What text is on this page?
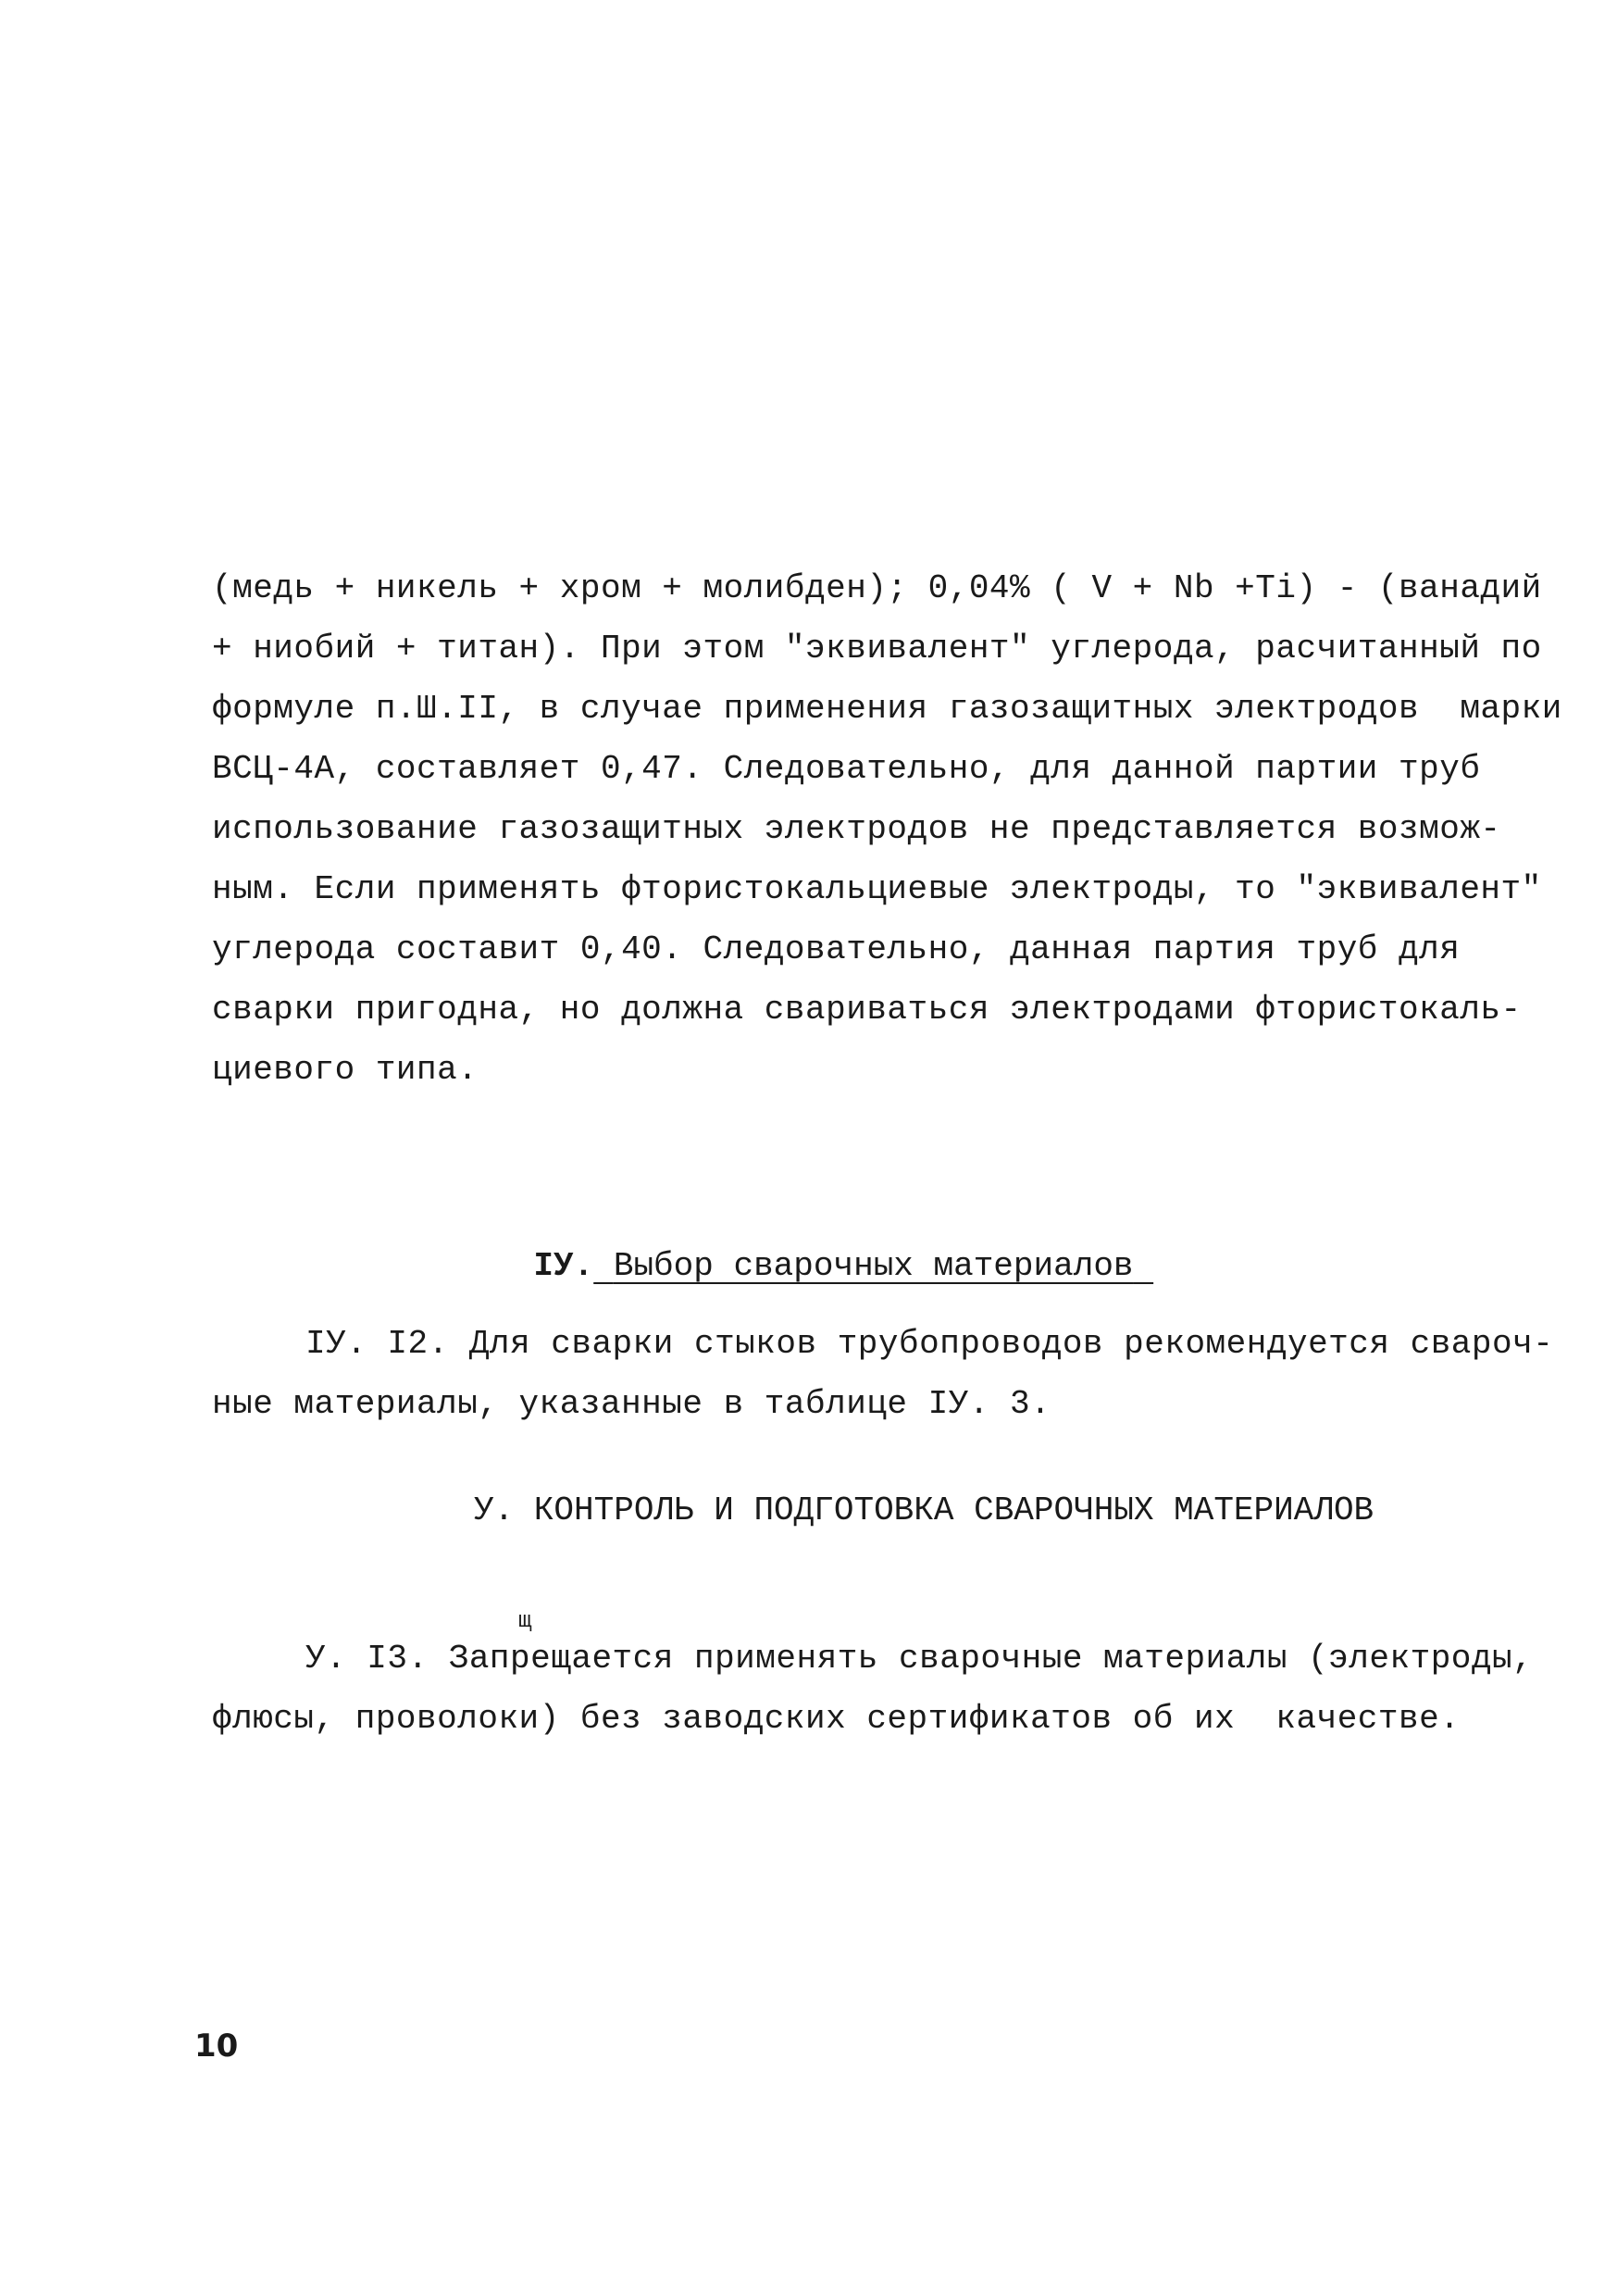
(медь + никель + хром + молибден); 0,04% ( V + Nb +Ti) - (ванадий
+ ниобий + титан). При этом "эквивалент" углерода, расчитанный по
формуле п.Ш.II, в случае применения газозащитных электродов  марки
ВСЦ-4А, составляет 0,47. Следовательно, для данной партии труб
использование газозащитных электродов не представляется возмож-
ным. Если применять фтористокальциевые электроды, то "эквивалент"
углерода составит 0,40. Следовательно, данная партия труб для
сварки пригодна, но должна свариваться электродами фтористокаль-
циевого типа.

IУ. Выбор сварочных материалов

IУ. I2. Для сварки стыков трубопроводов рекомендуется свароч-
ные материалы, указанные в таблице IУ. 3.
У. КОНТРОЛЬ И ПОДГОТОВКА СВАРОЧНЫХ МАТЕРИАЛОВ
щ
У. I3. Запрещается применять сварочные материалы (электроды,
флюсы, проволоки) без заводских сертификатов об их  качестве.
10
